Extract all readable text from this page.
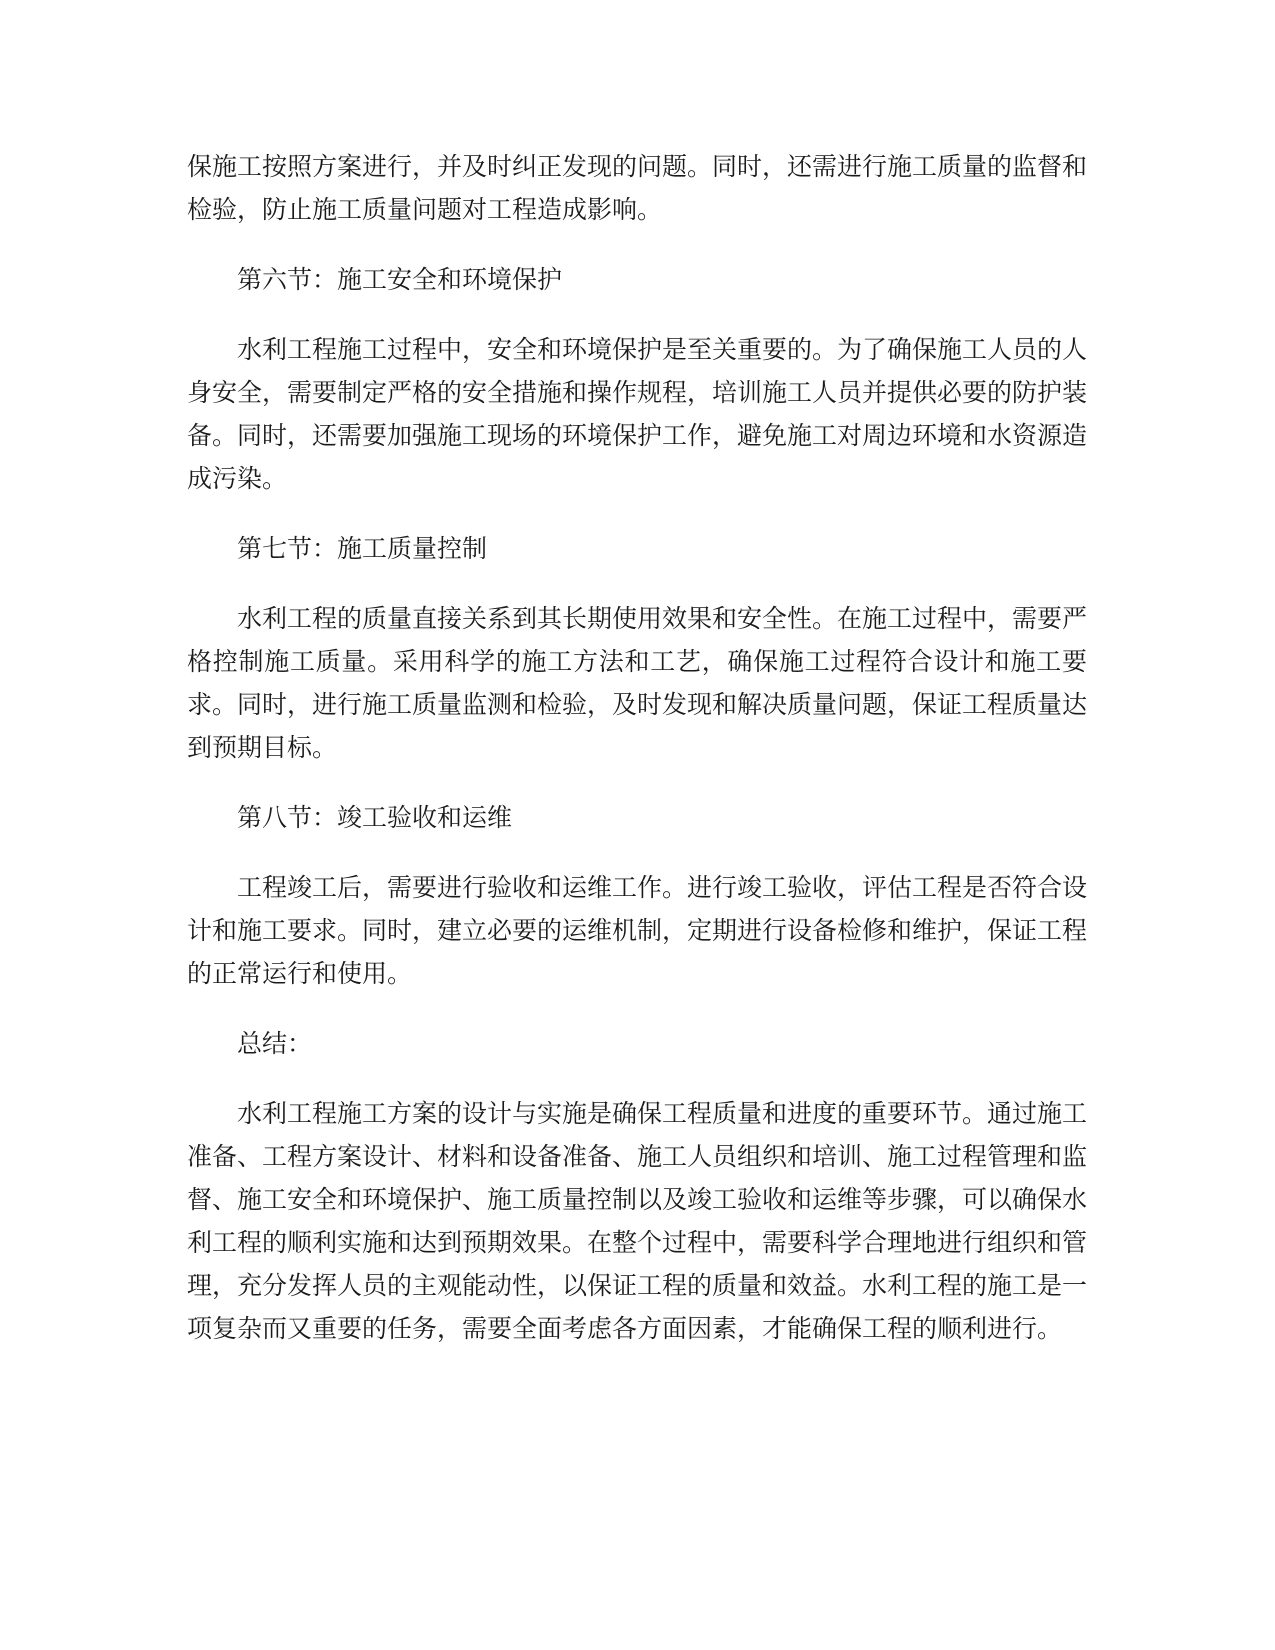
保施工按照方案进行，并及时纠正发现的问题。同时，还需进行施工质量的监督和检验，防止施工质量问题对工程造成影响。

第六节：施工安全和环境保护

水利工程施工过程中，安全和环境保护是至关重要的。为了确保施工人员的人身安全，需要制定严格的安全措施和操作规程，培训施工人员并提供必要的防护装备。同时，还需要加强施工现场的环境保护工作，避免施工对周边环境和水资源造成污染。

第七节：施工质量控制

水利工程的质量直接关系到其长期使用效果和安全性。在施工过程中，需要严格控制施工质量。采用科学的施工方法和工艺，确保施工过程符合设计和施工要求。同时，进行施工质量监测和检验，及时发现和解决质量问题，保证工程质量达到预期目标。

第八节：竣工验收和运维

工程竣工后，需要进行验收和运维工作。进行竣工验收，评估工程是否符合设计和施工要求。同时，建立必要的运维机制，定期进行设备检修和维护，保证工程的正常运行和使用。

总结：

水利工程施工方案的设计与实施是确保工程质量和进度的重要环节。通过施工准备、工程方案设计、材料和设备准备、施工人员组织和培训、施工过程管理和监督、施工安全和环境保护、施工质量控制以及竣工验收和运维等步骤，可以确保水利工程的顺利实施和达到预期效果。在整个过程中，需要科学合理地进行组织和管理，充分发挥人员的主观能动性，以保证工程的质量和效益。水利工程的施工是一项复杂而又重要的任务，需要全面考虑各方面因素，才能确保工程的顺利进行。
